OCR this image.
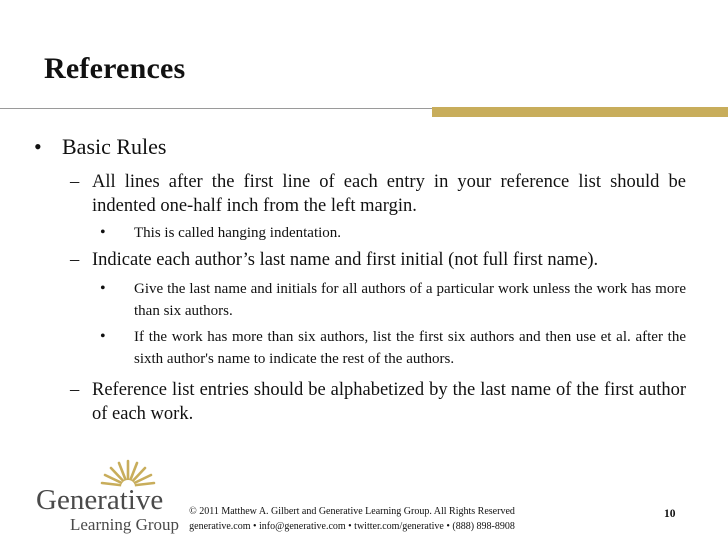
References
• Basic Rules
– All lines after the first line of each entry in your reference list should be indented one-half inch from the left margin.
• This is called hanging indentation.
– Indicate each author’s last name and first initial (not full first name).
• Give the last name and initials for all authors of a particular work unless the work has more than six authors.
• If the work has more than six authors, list the first six authors and then use et al. after the sixth author's name to indicate the rest of the authors.
– Reference list entries should be alphabetized by the last name of the first author of each work.
Generative
Learning Group
© 2011 Matthew A. Gilbert and Generative Learning Group. All Rights Reserved
generative.com • info@generative.com • twitter.com/generative • (888) 898-8908
10
